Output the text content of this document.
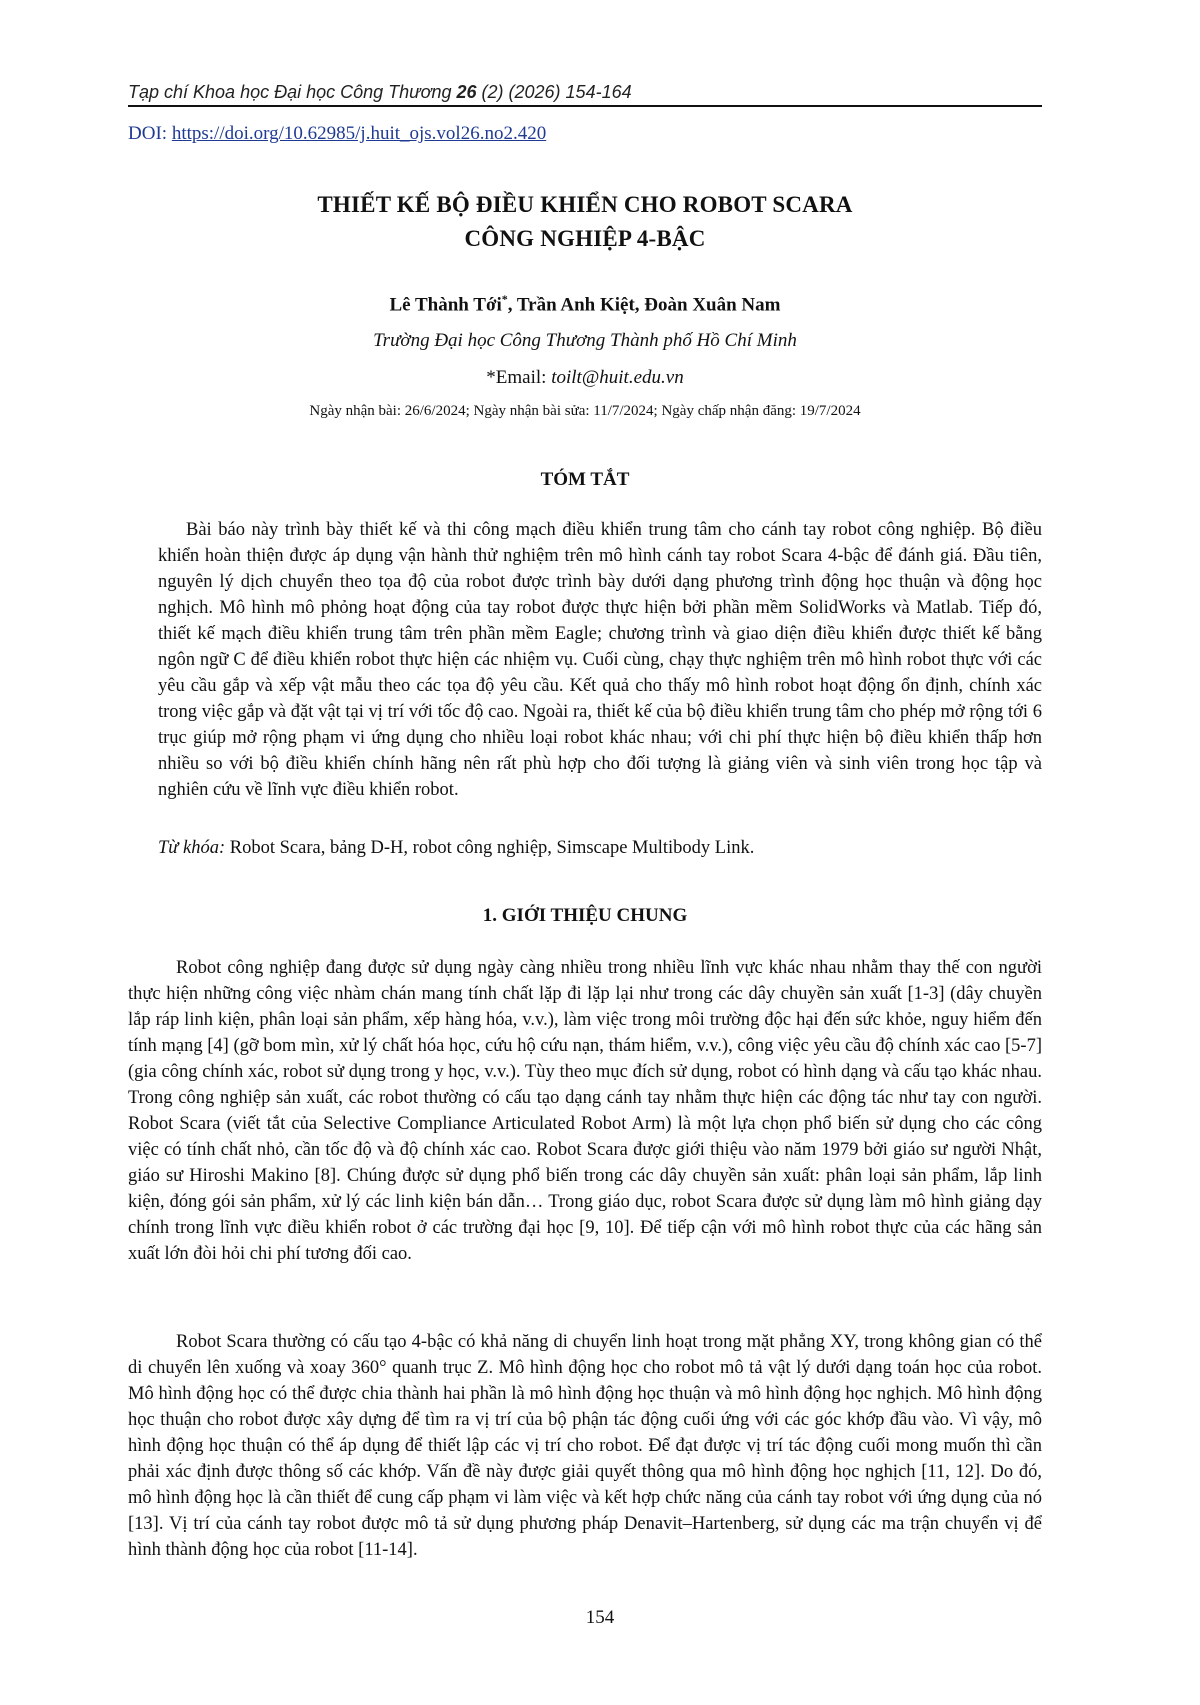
Tạp chí Khoa học Đại học Công Thương 26 (2) (2026) 154-164
DOI: https://doi.org/10.62985/j.huit_ojs.vol26.no2.420
THIẾT KẾ BỘ ĐIỀU KHIỂN CHO ROBOT SCARA
CÔNG NGHIỆP 4-BẬC
Lê Thành Tới*, Trần Anh Kiệt, Đoàn Xuân Nam
Trường Đại học Công Thương Thành phố Hồ Chí Minh
*Email: toilt@huit.edu.vn
Ngày nhận bài: 26/6/2024; Ngày nhận bài sửa: 11/7/2024; Ngày chấp nhận đăng: 19/7/2024
TÓM TẮT

Bài báo này trình bày thiết kế và thi công mạch điều khiển trung tâm cho cánh tay robot công nghiệp. Bộ điều khiển hoàn thiện được áp dụng vận hành thử nghiệm trên mô hình cánh tay robot Scara 4-bậc để đánh giá. Đầu tiên, nguyên lý dịch chuyển theo tọa độ của robot được trình bày dưới dạng phương trình động học thuận và động học nghịch. Mô hình mô phỏng hoạt động của tay robot được thực hiện bởi phần mềm SolidWorks và Matlab. Tiếp đó, thiết kế mạch điều khiển trung tâm trên phần mềm Eagle; chương trình và giao diện điều khiển được thiết kế bằng ngôn ngữ C để điều khiển robot thực hiện các nhiệm vụ. Cuối cùng, chạy thực nghiệm trên mô hình robot thực với các yêu cầu gắp và xếp vật mẫu theo các tọa độ yêu cầu. Kết quả cho thấy mô hình robot hoạt động ổn định, chính xác trong việc gắp và đặt vật tại vị trí với tốc độ cao. Ngoài ra, thiết kế của bộ điều khiển trung tâm cho phép mở rộng tới 6 trục giúp mở rộng phạm vi ứng dụng cho nhiều loại robot khác nhau; với chi phí thực hiện bộ điều khiển thấp hơn nhiều so với bộ điều khiển chính hãng nên rất phù hợp cho đối tượng là giảng viên và sinh viên trong học tập và nghiên cứu về lĩnh vực điều khiển robot.

Từ khóa: Robot Scara, bảng D-H, robot công nghiệp, Simscape Multibody Link.

1. GIỚI THIỆU CHUNG

Robot công nghiệp đang được sử dụng ngày càng nhiều trong nhiều lĩnh vực khác nhau nhằm thay thế con người thực hiện những công việc nhàm chán mang tính chất lặp đi lặp lại như trong các dây chuyền sản xuất [1-3] (dây chuyền lắp ráp linh kiện, phân loại sản phẩm, xếp hàng hóa, v.v.), làm việc trong môi trường độc hại đến sức khỏe, nguy hiểm đến tính mạng [4] (gỡ bom mìn, xử lý chất hóa học, cứu hộ cứu nạn, thám hiểm, v.v.), công việc yêu cầu độ chính xác cao [5-7] (gia công chính xác, robot sử dụng trong y học, v.v.). Tùy theo mục đích sử dụng, robot có hình dạng và cấu tạo khác nhau. Trong công nghiệp sản xuất, các robot thường có cấu tạo dạng cánh tay nhằm thực hiện các động tác như tay con người. Robot Scara (viết tắt của Selective Compliance Articulated Robot Arm) là một lựa chọn phổ biến sử dụng cho các công việc có tính chất nhỏ, cần tốc độ và độ chính xác cao. Robot Scara được giới thiệu vào năm 1979 bởi giáo sư người Nhật, giáo sư Hiroshi Makino [8]. Chúng được sử dụng phổ biến trong các dây chuyền sản xuất: phân loại sản phẩm, lắp linh kiện, đóng gói sản phẩm, xử lý các linh kiện bán dẫn… Trong giáo dục, robot Scara được sử dụng làm mô hình giảng dạy chính trong lĩnh vực điều khiển robot ở các trường đại học [9, 10]. Để tiếp cận với mô hình robot thực của các hãng sản xuất lớn đòi hỏi chi phí tương đối cao.

Robot Scara thường có cấu tạo 4-bậc có khả năng di chuyển linh hoạt trong mặt phẳng XY, trong không gian có thể di chuyển lên xuống và xoay 360° quanh trục Z. Mô hình động học cho robot mô tả vật lý dưới dạng toán học của robot. Mô hình động học có thể được chia thành hai phần là mô hình động học thuận và mô hình động học nghịch. Mô hình động học thuận cho robot được xây dựng để tìm ra vị trí của bộ phận tác động cuối ứng với các góc khớp đầu vào. Vì vậy, mô hình động học thuận có thể áp dụng để thiết lập các vị trí cho robot. Để đạt được vị trí tác động cuối mong muốn thì cần phải xác định được thông số các khớp. Vấn đề này được giải quyết thông qua mô hình động học nghịch [11, 12]. Do đó, mô hình động học là cần thiết để cung cấp phạm vi làm việc và kết hợp chức năng của cánh tay robot với ứng dụng của nó [13]. Vị trí của cánh tay robot được mô tả sử dụng phương pháp Denavit–Hartenberg, sử dụng các ma trận chuyển vị để hình thành động học của robot [11-14].

154
